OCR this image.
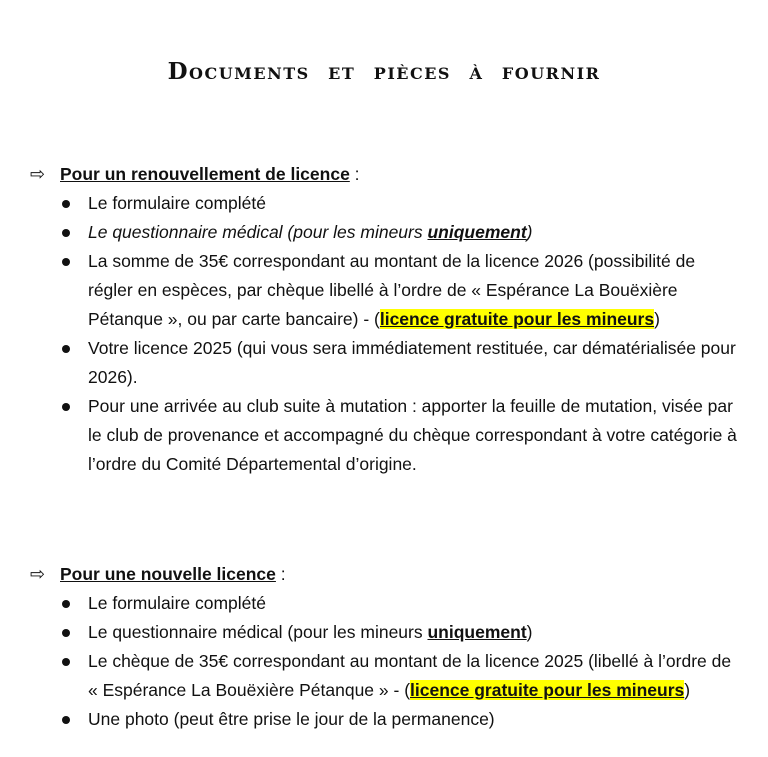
Documents et pièces à fournir
⇨ Pour un renouvellement de licence :
Le formulaire complété
Le questionnaire médical (pour les mineurs uniquement)
La somme de 35€ correspondant au montant de la licence 2026 (possibilité de régler en espèces, par chèque libellé à l’ordre de « Espérance La Bouëxière Pétanque », ou par carte bancaire) - (licence gratuite pour les mineurs)
Votre licence 2025 (qui vous sera immédiatement restituée, car dématérialisée pour 2026).
Pour une arrivée au club suite à mutation : apporter la feuille de mutation, visée par le club de provenance et accompagné du chèque correspondant à votre catégorie à l’ordre du Comité Départemental d’origine.
⇨ Pour une nouvelle licence :
Le formulaire complété
Le questionnaire médical (pour les mineurs uniquement)
Le chèque de 35€ correspondant au montant de la licence 2025 (libellé à l’ordre de « Espérance La Bouëxière Pétanque » - (licence gratuite pour les mineurs)
Une photo (peut être prise le jour de la permanence)
